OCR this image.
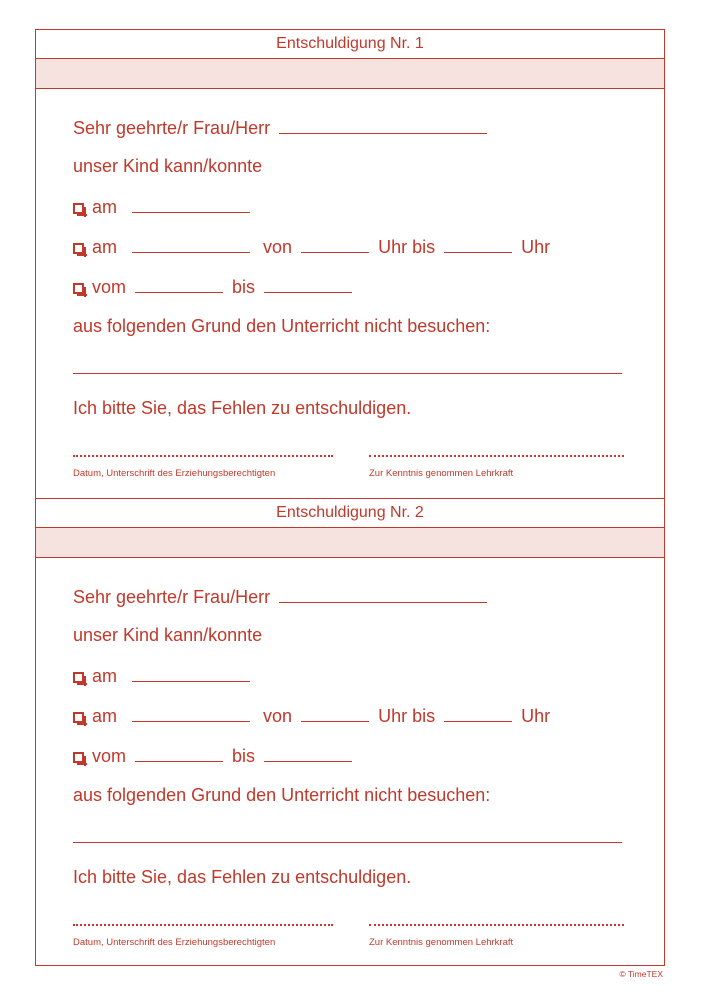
Entschuldigung Nr. 1
Sehr geehrte/r Frau/Herr
unser Kind kann/konnte
am
am	von	Uhr bis	Uhr
vom	bis
aus folgenden Grund den Unterricht nicht besuchen:
Ich bitte Sie, das Fehlen zu entschuldigen.
Datum, Unterschrift des Erziehungsberechtigten	Zur Kenntnis genommen Lehrkraft
Entschuldigung Nr. 2
Sehr geehrte/r Frau/Herr
unser Kind kann/konnte
am
am	von	Uhr bis	Uhr
vom	bis
aus folgenden Grund den Unterricht nicht besuchen:
Ich bitte Sie, das Fehlen zu entschuldigen.
Datum, Unterschrift des Erziehungsberechtigten	Zur Kenntnis genommen Lehrkraft
© TimeTEX
